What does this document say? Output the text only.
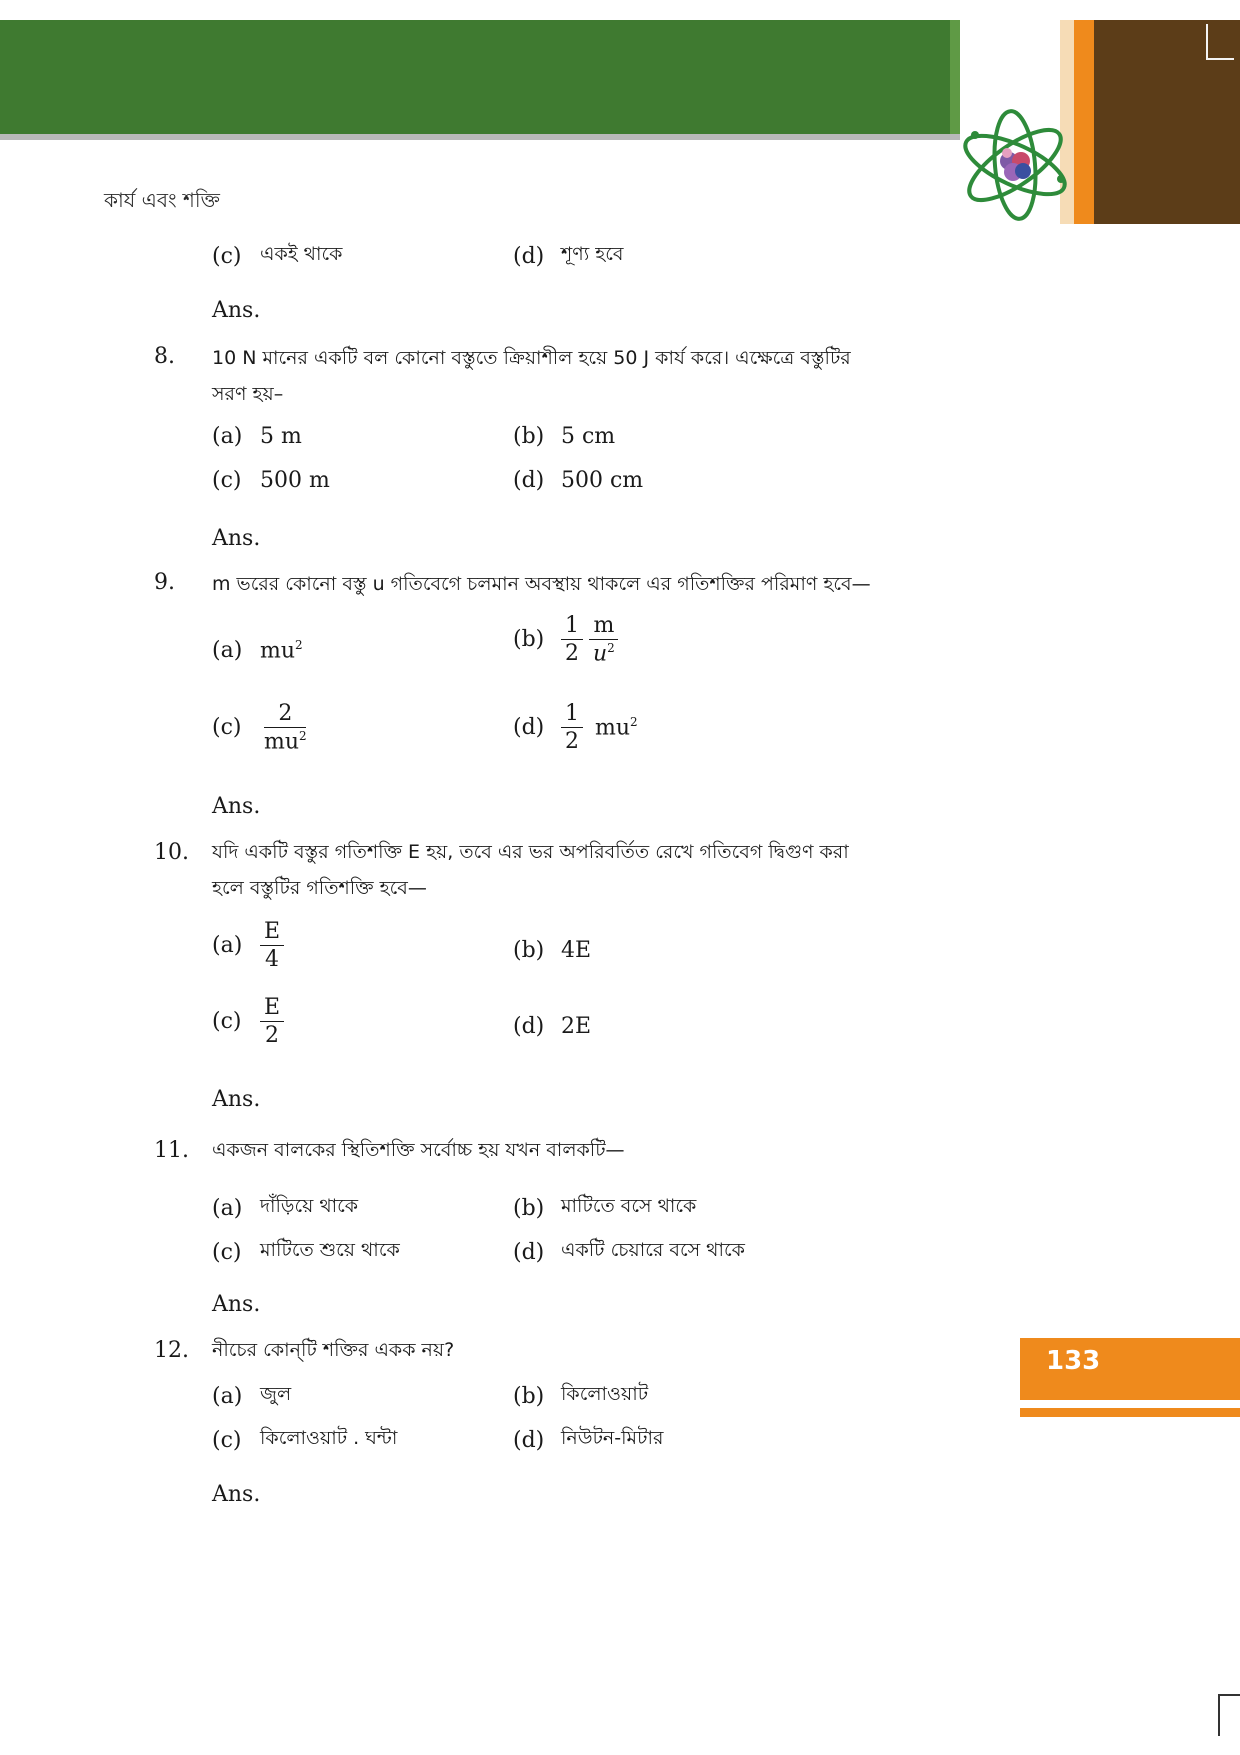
কার্য এবং শক্তি
(c) একই থাকে	(d) শূণ্য হবে
Ans.
8.	10 N মানের একটি বল কোনো বস্তুতে ক্রিয়াশীল হয়ে 50 J কার্য করে। এক্ষেত্রে বস্তুটির
সরণ হয়–
(a) 5 m	(b) 5 cm
(c) 500 m	(d) 500 cm
Ans.
9.	m ভরের কোনো বস্তু u গতিবেগে চলমান অবস্থায় থাকলে এর গতিশক্তির পরিমাণ হবে—
(a) $mu^2$	$(b) \frac{1}{2} \frac{m}{u^2}$
$(c) \frac{2}{mu^2}$	$(d) \frac{1}{2} mu^2$
Ans.
10.	যদি একটি বস্তুর গতিশক্তি E হয়, তবে এর ভর অপরিবর্তিত রেখে গতিবেগ দ্বিগুণ করা
হলে বস্তুটির গতিশক্তি হবে—
$(a) \frac{E}{4}$	(b) 4E
$(c) \frac{E}{2}$	(d) 2E
Ans.
11.	একজন বালকের স্থিতিশক্তি সর্বোচ্চ হয় যখন বালকটি—
(a) দাঁড়িয়ে থাকে	(b) মাটিতে বসে থাকে
(c) মাটিতে শুয়ে থাকে	(d) একটি চেয়ারে বসে থাকে
Ans.
12.	নীচের কোন্‌টি শক্তির একক নয়?
(a) জুল	(b) কিলোওয়াট
(c) কিলোওয়াট . ঘন্টা	(d) নিউটন-মিটার
Ans.
133
